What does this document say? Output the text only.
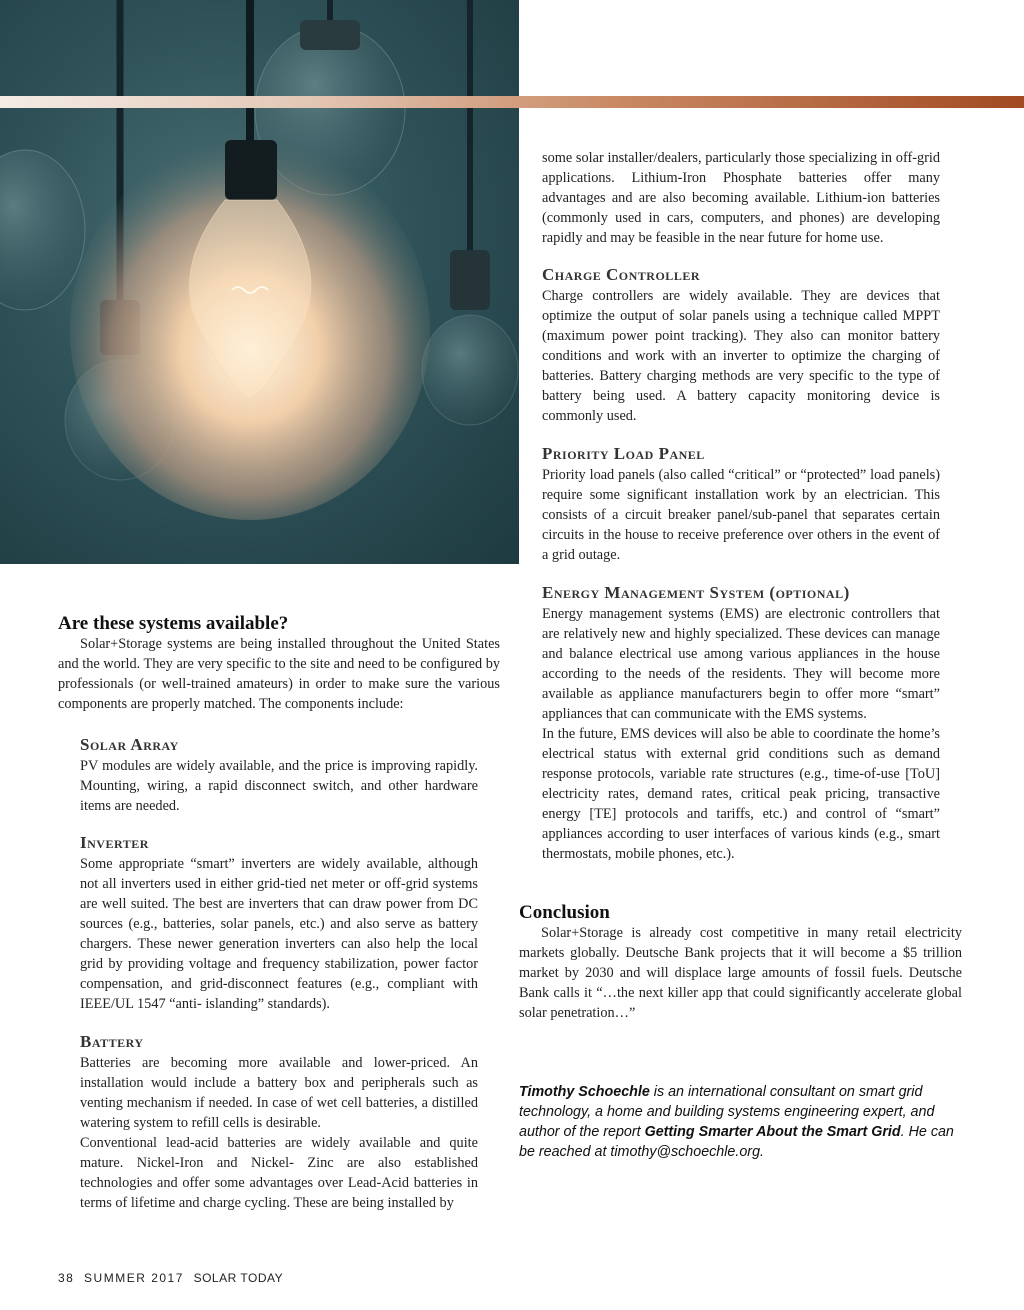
Are these systems available?

Solar+Storage systems are being installed throughout the United States and the world. They are very specific to the site and need to be configured by professionals (or well-trained amateurs) in order to make sure the various components are properly matched. The components include:

Solar Array

PV modules are widely available, and the price is improving rapidly. Mounting, wiring, a rapid disconnect switch, and other hardware items are needed.

Inverter

Some appropriate “smart” inverters are widely available, although not all inverters used in either grid-tied net meter or off-grid systems are well suited. The best are inverters that can draw power from DC sources (e.g., batteries, solar panels, etc.) and also serve as battery chargers. These newer generation inverters can also help the local grid by providing voltage and frequency stabilization, power factor compensation, and grid-disconnect features (e.g., compliant with IEEE/UL 1547 “anti- islanding” standards).

Battery

Batteries are becoming more available and lower-priced. An installation would include a battery box and peripherals such as venting mechanism if needed. In case of wet cell batteries, a distilled watering system to refill cells is desirable.

Conventional lead-acid batteries are widely available and quite mature. Nickel-Iron and Nickel- Zinc are also established technologies and offer some advantages over Lead-Acid batteries in terms of lifetime and charge cycling. These are being installed by

some solar installer/dealers, particularly those specializing in off-grid applications. Lithium-Iron Phosphate batteries offer many advantages and are also becoming available. Lithium-ion batteries (commonly used in cars, computers, and phones) are developing rapidly and may be feasible in the near future for home use.

Charge Controller

Charge controllers are widely available. They are devices that optimize the output of solar panels using a technique called MPPT (maximum power point tracking). They also can monitor battery conditions and work with an inverter to optimize the charging of batteries. Battery charging methods are very specific to the type of battery being used. A battery capacity monitoring device is commonly used.

Priority Load Panel

Priority load panels (also called “critical” or “protected” load panels) require some significant installation work by an electrician. This consists of a circuit breaker panel/sub-panel that separates certain circuits in the house to receive preference over others in the event of a grid outage.

Energy Management System (optional)

Energy management systems (EMS) are electronic controllers that are relatively new and highly specialized. These devices can manage and balance electrical use among various appliances in the house according to the needs of the residents. They will become more available as appliance manufacturers begin to offer more “smart” appliances that can communicate with the EMS systems.

In the future, EMS devices will also be able to coordinate the home’s electrical status with external grid conditions such as demand response protocols, variable rate structures (e.g., time-of-use [ToU] electricity rates, demand rates, critical peak pricing, transactive energy [TE] protocols and tariffs, etc.) and control of “smart” appliances according to user interfaces of various kinds (e.g., smart thermostats, mobile phones, etc.).

Conclusion

Solar+Storage is already cost competitive in many retail electricity markets globally. Deutsche Bank projects that it will become a $5 trillion market by 2030 and will displace large amounts of fossil fuels. Deutsche Bank calls it “…the next killer app that could significantly accelerate global solar penetration…”

Timothy Schoechle is an international consultant on smart grid technology, a home and building systems engineering expert, and author of the report Getting Smarter About the Smart Grid. He can be reached at timothy@schoechle.org.
38 SUMMER 2017 SOLAR TODAY
